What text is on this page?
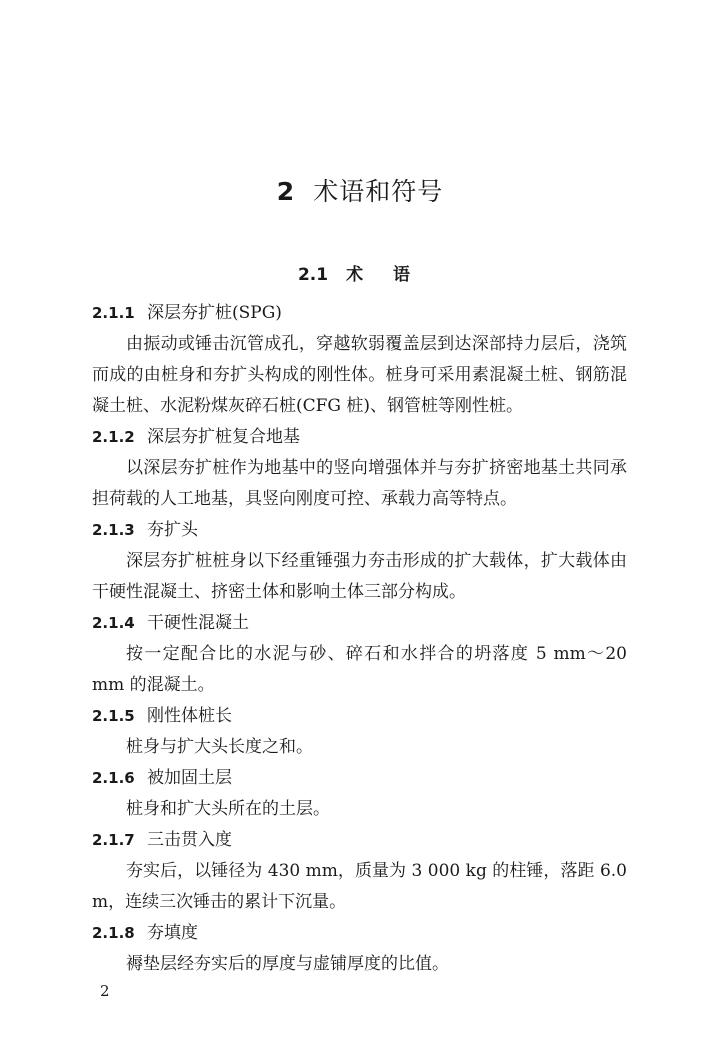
2 术语和符号
2.1 术 语
2.1.1 深层夯扩桩(SPG)

由振动或锤击沉管成孔，穿越软弱覆盖层到达深部持力层后，浇筑而成的由桩身和夯扩头构成的刚性体。桩身可采用素混凝土桩、钢筋混凝土桩、水泥粉煤灰碎石桩(CFG 桩)、钢管桩等刚性桩。

2.1.2 深层夯扩桩复合地基

以深层夯扩桩作为地基中的竖向增强体并与夯扩挤密地基土共同承担荷载的人工地基，具竖向刚度可控、承载力高等特点。

2.1.3 夯扩头

深层夯扩桩桩身以下经重锤强力夯击形成的扩大载体，扩大载体由干硬性混凝土、挤密土体和影响土体三部分构成。

2.1.4 干硬性混凝土

按一定配合比的水泥与砂、碎石和水拌合的坍落度 5 mm～20 mm 的混凝土。

2.1.5 刚性体桩长

桩身与扩大头长度之和。

2.1.6 被加固土层

桩身和扩大头所在的土层。

2.1.7 三击贯入度

夯实后，以锤径为 430 mm，质量为 3 000 kg 的柱锤，落距 6.0 m，连续三次锤击的累计下沉量。

2.1.8 夯填度

褥垫层经夯实后的厚度与虚铺厚度的比值。

2
